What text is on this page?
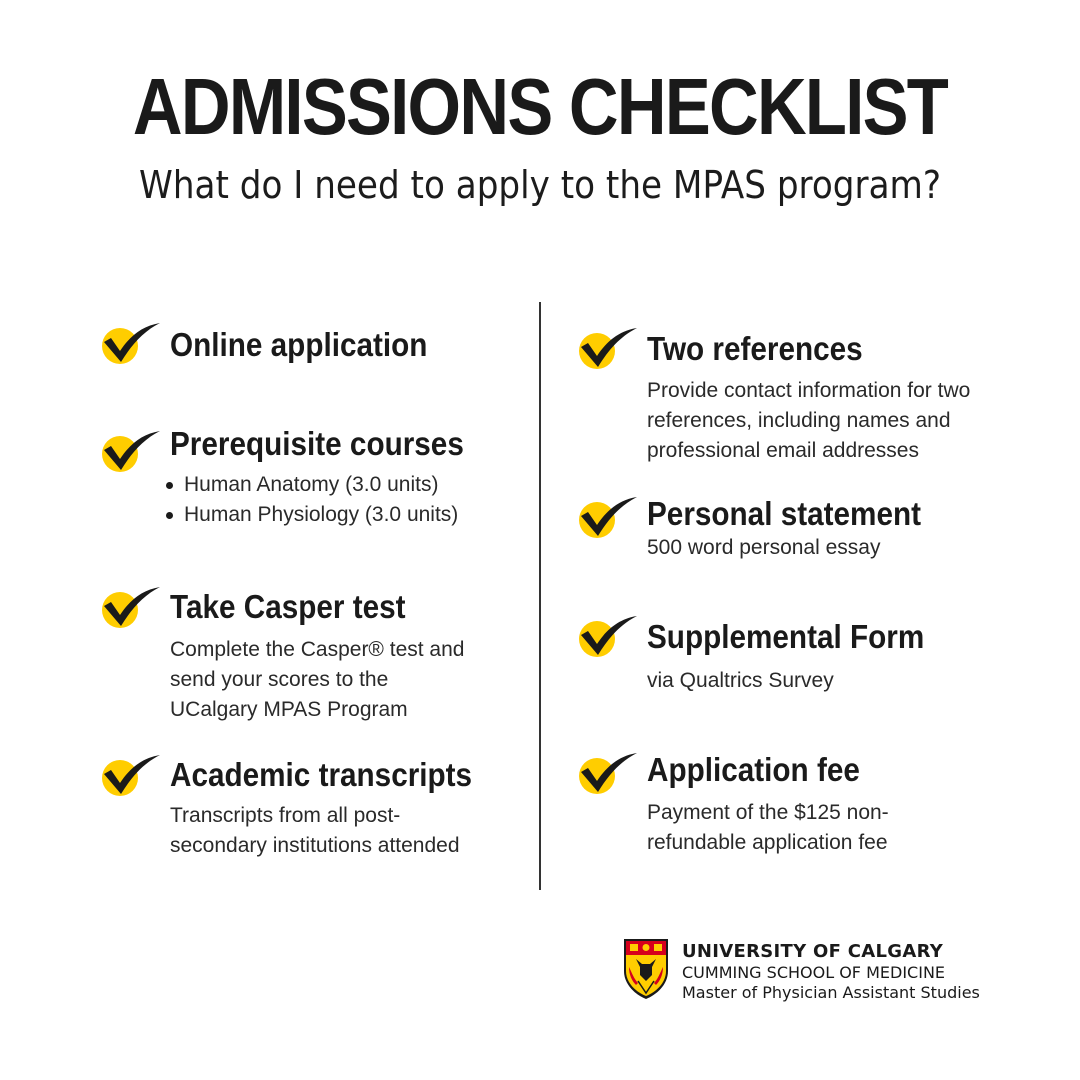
ADMISSIONS CHECKLIST
What do I need to apply to the MPAS program?
Online application
Prerequisite courses
Human Anatomy (3.0 units)
Human Physiology (3.0 units)
Take Casper test
Complete the Casper® test and
send your scores to the
UCalgary MPAS Program
Academic transcripts
Transcripts from all post-
secondary institutions attended
Two references
Provide contact information for two
references, including names and
professional email addresses
Personal statement
500 word personal essay
Supplemental Form
via Qualtrics Survey
Application fee
Payment of the $125 non-
refundable application fee
UNIVERSITY OF CALGARY
CUMMING SCHOOL OF MEDICINE
Master of Physician Assistant Studies
